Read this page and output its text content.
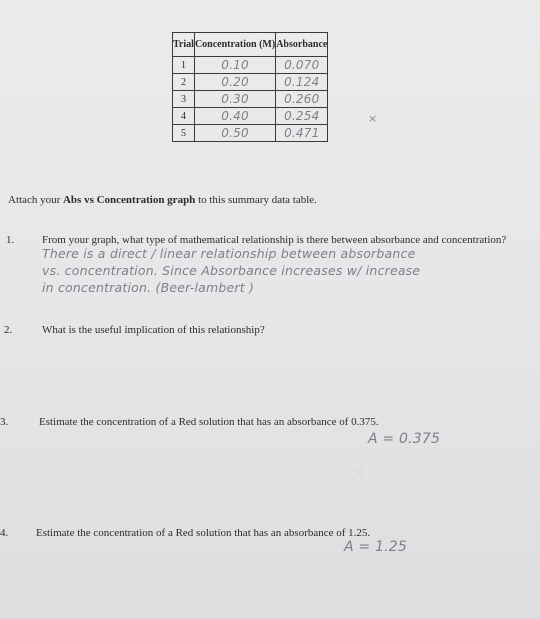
Trial	Concentration (M)	Absorbance
1	0.10	0.070
2	0.20	0.124
3	0.30	0.260
4	0.40	0.254
5	0.50	0.471
×
Attach your Abs vs Concentration graph to this summary data table.
1.	From your graph, what type of mathematical relationship is there between absorbance and concentration?
There is a direct / linear relationship between absorbance
vs. concentration. Since Absorbance increases w/ increase
in concentration. (Beer-lambert )
2.	What is the useful implication of this relationship?
3.	Estimate the concentration of a Red solution that has an absorbance of 0.375.
A = 0.375
×
4.	Estimate the concentration of a Red solution that has an absorbance of 1.25.
A = 1.25
